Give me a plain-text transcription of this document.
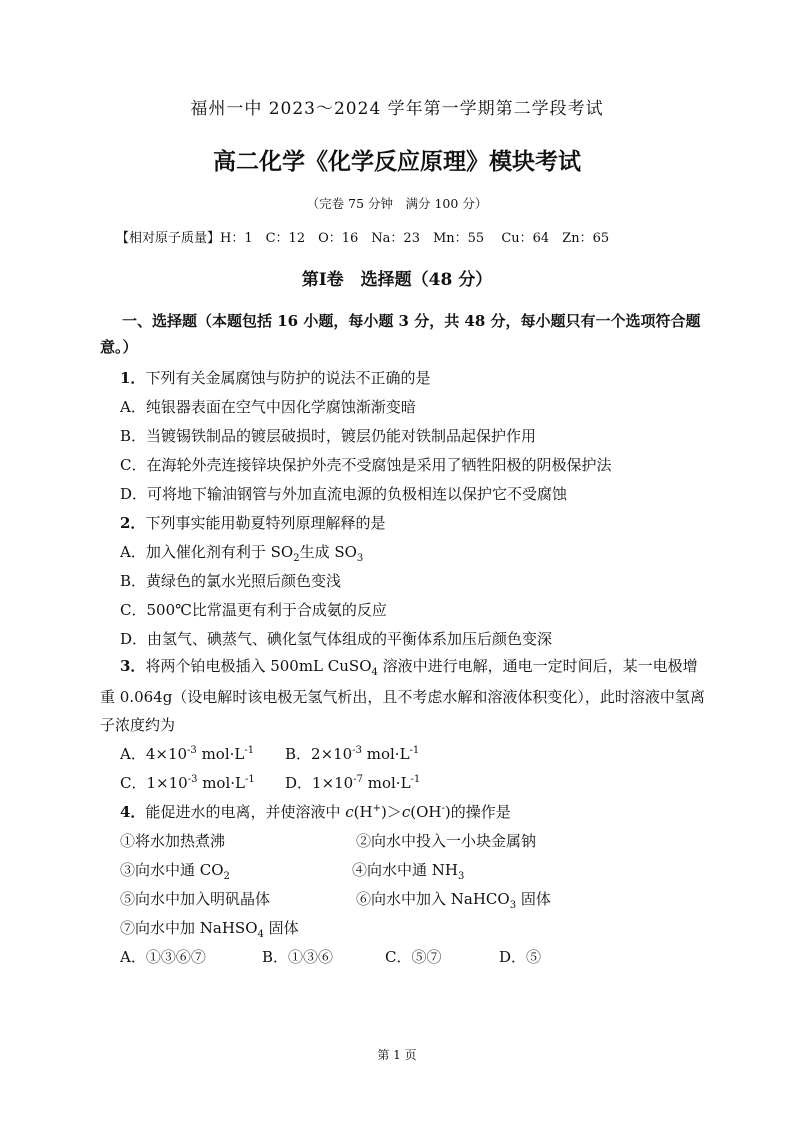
福州一中 2023～2024 学年第一学期第二学段考试
高二化学《化学反应原理》模块考试
（完卷 75 分钟　满分 100 分）
【相对原子质量】H：1　C：12　O：16　Na：23　Mn：55　 Cu：64　Zn：65
第Ⅰ卷　选择题（48 分）
一、选择题（本题包括 16 小题，每小题 3 分，共 48 分，每小题只有一个选项符合题意。）
1．下列有关金属腐蚀与防护的说法不正确的是
A．纯银器表面在空气中因化学腐蚀渐渐变暗
B．当镀锡铁制品的镀层破损时，镀层仍能对铁制品起保护作用
C．在海轮外壳连接锌块保护外壳不受腐蚀是采用了牺牲阳极的阴极保护法
D．可将地下输油钢管与外加直流电源的负极相连以保护它不受腐蚀
2．下列事实能用勒夏特列原理解释的是
A．加入催化剂有利于 $SO_2$生成 $SO_3$
B．黄绿色的氯水光照后颜色变浅
C．500℃比常温更有利于合成氨的反应
D．由氢气、碘蒸气、碘化氢气体组成的平衡体系加压后颜色变深
3．将两个铂电极插入 500mL CuSO$_4$ 溶液中进行电解，通电一定时间后，某一电极增
重 0.064g（设电解时该电极无氢气析出，且不考虑水解和溶液体积变化），此时溶液中氢离
子浓度约为
A．$4\times 10^{-3}$ $mol\cdot L^{-1}$ B．$2\times 10^{-3}$ $mol\cdot L^{-1}$
C．$1\times 10^{-3}$ $mol\cdot L^{-1}$ D．$1\times 10^{-7}$ $mol\cdot L^{-1}$
4．能促进水的电离，并使溶液中 c(H+)＞c(OH-)的操作是
①将水加热煮沸	②向水中投入一小块金属钠
③向水中通 $CO_2$	④向水中通 $NH_3$
⑤向水中加入明矾晶体	⑥向水中加入 NaHCO$_3$ 固体
⑦向水中加 NaHSO$_4$ 固体
A．①③⑥⑦	B．①③⑥	C．⑤⑦	D．⑤
第 1 页
